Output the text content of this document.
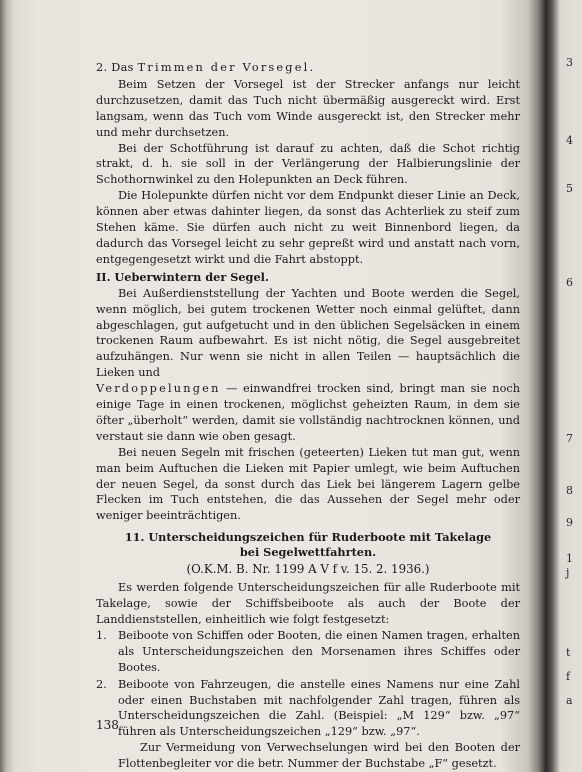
2. Das Trimmen der Vorsegel.

Beim Setzen der Vorsegel ist der Strecker anfangs nur leicht durchzusetzen, damit das Tuch nicht übermäßig ausgereckt wird. Erst langsam, wenn das Tuch vom Winde ausgereckt ist, den Strecker mehr und mehr durchsetzen.

Bei der Schotführung ist darauf zu achten, daß die Schot richtig strakt, d. h. sie soll in der Verlängerung der Halbierungslinie der Schothornwinkel zu den Holepunkten an Deck führen.

Die Holepunkte dürfen nicht vor dem Endpunkt dieser Linie an Deck, können aber etwas dahinter liegen, da sonst das Achterliek zu steif zum Stehen käme. Sie dürfen auch nicht zu weit Binnenbord liegen, da dadurch das Vorsegel leicht zu sehr gepreßt wird und anstatt nach vorn, entgegengesetzt wirkt und die Fahrt abstoppt.

II. Ueberwintern der Segel.

Bei Außerdienststellung der Yachten und Boote werden die Segel, wenn möglich, bei gutem trockenen Wetter noch einmal gelüftet, dann abgeschlagen, gut aufgetucht und in den üblichen Segelsäcken in einem trockenen Raum aufbewahrt. Es ist nicht nötig, die Segel ausgebreitet aufzuhängen. Nur wenn sie nicht in allen Teilen — hauptsächlich die Lieken und
Verdoppelungen — einwandfrei trocken sind, bringt man sie noch einige Tage in einen trockenen, möglichst geheizten Raum, in dem sie öfter „überholt“ werden, damit sie vollständig nachtrocknen können, und verstaut sie dann wie oben gesagt.

Bei neuen Segeln mit frischen (geteerten) Lieken tut man gut, wenn man beim Auftuchen die Lieken mit Papier umlegt, wie beim Auftuchen der neuen Segel, da sonst durch das Liek bei längerem Lagern gelbe Flecken im Tuch entstehen, die das Aussehen der Segel mehr oder weniger beeinträchtigen.

11. Unterscheidungszeichen für Ruderboote mit Takelage
bei Segelwettfahrten.

(O.K.M. B. Nr. 1199 A V f v. 15. 2. 1936.)

Es werden folgende Unterscheidungszeichen für alle Ruderboote mit Takelage, sowie der Schiffsbeiboote als auch der Boote der Landdienststellen, einheitlich wie folgt festgesetzt:

1. Beiboote von Schiffen oder Booten, die einen Namen tragen, erhalten als Unterscheidungszeichen den Morsenamen ihres Schiffes oder Bootes.
2. Beiboote von Fahrzeugen, die anstelle eines Namens nur eine Zahl oder einen Buchstaben mit nachfolgender Zahl tragen, führen als Unterscheidungszeichen die Zahl. (Beispiel: „M 129“ bzw. „97“ führen als Unterscheidungszeichen „129“ bzw. „97“.
Zur Vermeidung von Verwechselungen wird bei den Booten der Flottenbegleiter vor die betr. Nummer der Buchstabe „F“ gesetzt.
138
3
4
5
6
7
8
9
1
j
t
f
a
